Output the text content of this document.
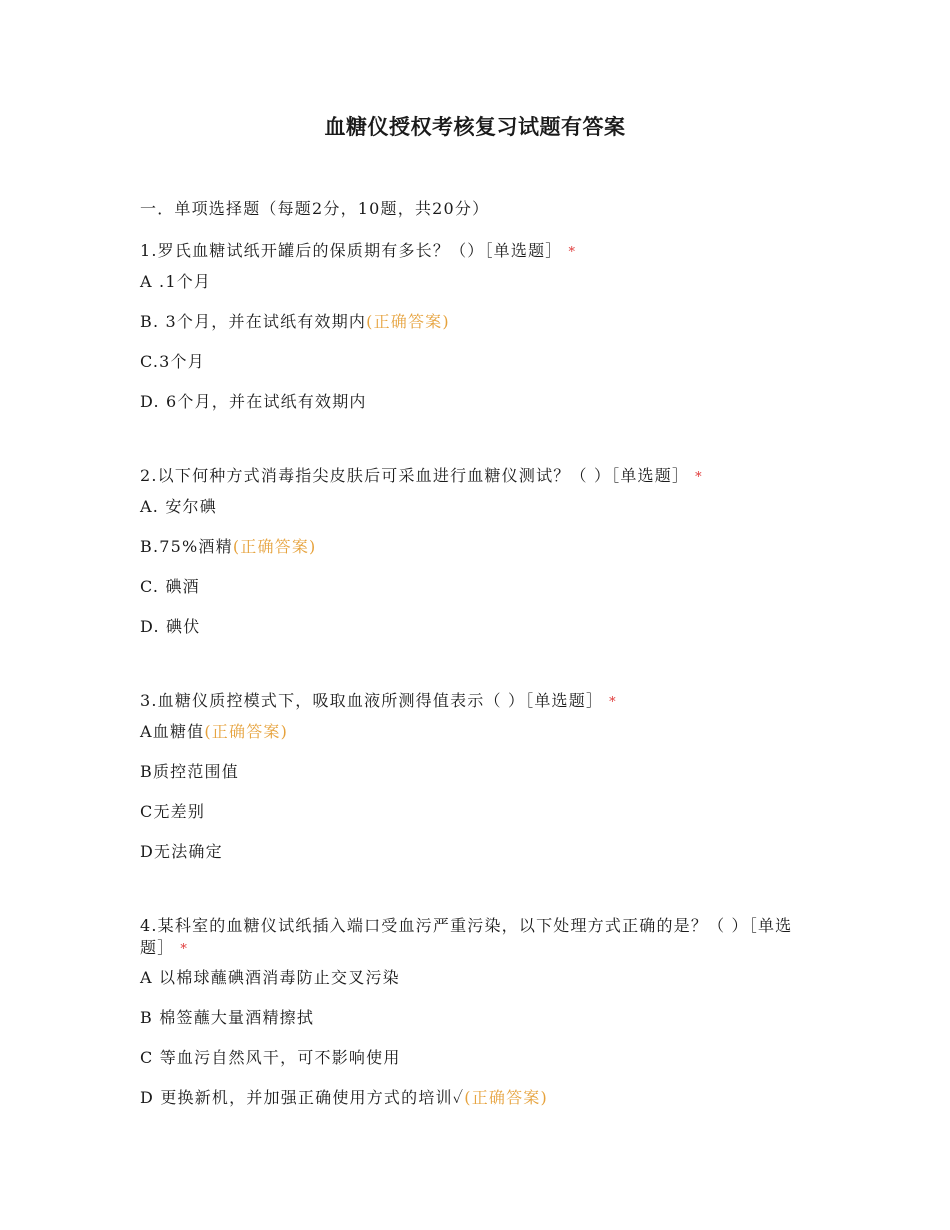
血糖仪授权考核复习试题有答案
一．单项选择题（每题2分，10题，共20分）
1.罗氏血糖试纸开罐后的保质期有多长？（）［单选题］ *
A .1个月
B. 3个月，并在试纸有效期内(正确答案)
C.3个月
D. 6个月，并在试纸有效期内
2.以下何种方式消毒指尖皮肤后可采血进行血糖仪测试？（ ）［单选题］ *
A. 安尔碘
B.75%酒精(正确答案)
C. 碘酒
D. 碘伏
3.血糖仪质控模式下，吸取血液所测得值表示（ ）［单选题］ *
A血糖值(正确答案)
B质控范围值
C无差别
D无法确定
4.某科室的血糖仪试纸插入端口受血污严重污染，以下处理方式正确的是？（ ）［单选题］ *
A 以棉球蘸碘酒消毒防止交叉污染
B 棉签蘸大量酒精擦拭
C 等血污自然风干，可不影响使用
D 更换新机，并加强正确使用方式的培训✓(正确答案)
